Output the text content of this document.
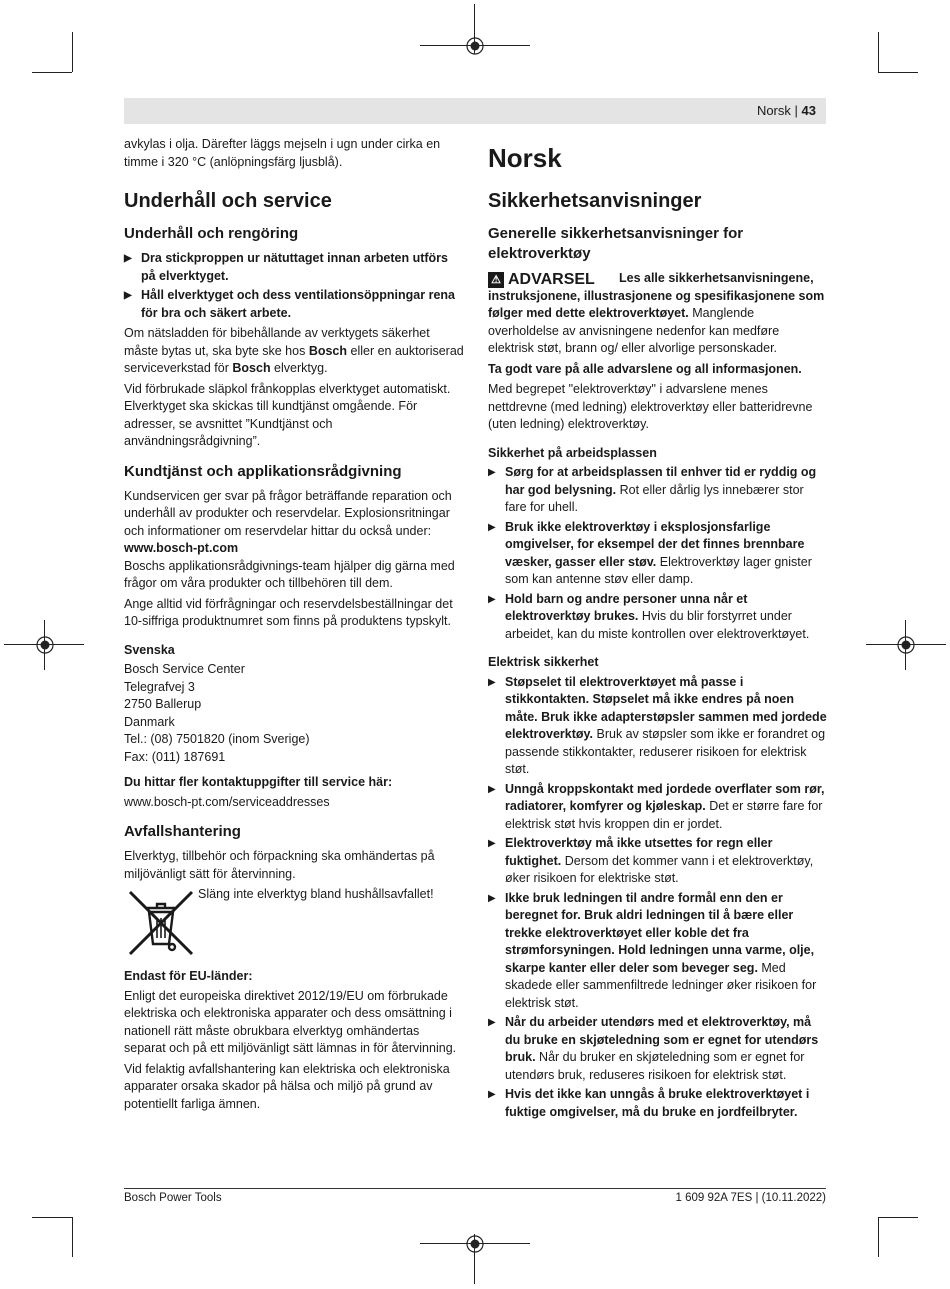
Norsk | 43

avkylas i olja. Därefter läggs mejseln i ugn under cirka en timme i 320 °C (anlöpningsfärg ljusblå).

Underhåll och service
Underhåll och rengöring
▶ Dra stickproppen ur nätuttaget innan arbeten utförs på elverktyget.
▶ Håll elverktyget och dess ventilationsöppningar rena för bra och säkert arbete.

Om nätsladden för bibehållande av verktygets säkerhet måste bytas ut, ska byte ske hos Bosch eller en auktoriserad serviceverkstad för Bosch elverktyg.

Vid förbrukade släpkol frånkopplas elverktyget automatiskt. Elverktyget ska skickas till kundtjänst omgående. För adresser, se avsnittet ”Kundtjänst och användningsrådgivning”.

Kundtjänst och applikationsrådgivning

Kundservicen ger svar på frågor beträffande reparation och underhåll av produkter och reservdelar. Explosionsritningar och informationer om reservdelar hittar du också under:
www.bosch-pt.com

Boschs applikationsrådgivnings-team hjälper dig gärna med frågor om våra produkter och tillbehören till dem.

Ange alltid vid förfrågningar och reservdelsbeställningar det 10-siffriga produktnumret som finns på produktens typskylt.

Svenska
Bosch Service Center
Telegrafvej 3
2750 Ballerup
Danmark
Tel.: (08) 7501820 (inom Sverige)
Fax: (011) 187691
Du hittar fler kontaktuppgifter till service här:

www.bosch-pt.com/serviceaddresses

Avfallshantering

Elverktyg, tillbehör och förpackning ska omhändertas på miljövänligt sätt för återvinning.

Släng inte elverktyg bland hushållsavfallet!

Endast för EU-länder:

Enligt det europeiska direktivet 2012/19/EU om förbrukade elektriska och elektroniska apparater och dess omsättning i nationell rätt måste obrukbara elverktyg omhändertas separat och på ett miljövänligt sätt lämnas in för återvinning.

Vid felaktig avfallshantering kan elektriska och elektroniska apparater orsaka skador på hälsa och miljö på grund av potentiellt farliga ämnen.

Norsk
Sikkerhetsanvisninger
Generelle sikkerhetsanvisninger for elektroverktøy
⚠ ADVARSEL	Les alle sikkerhetsanvisningene, instruksjonene, illustrasjonene og spesifikasjonene som følger med dette elektroverktøyet. Manglende overholdelse av anvisningene nedenfor kan medføre elektrisk støt, brann og/ eller alvorlige personskader.

Ta godt vare på alle advarslene og all informasjonen.

Med begrepet "elektroverktøy" i advarslene menes nettdrevne (med ledning) elektroverktøy eller batteridrevne (uten ledning) elektroverktøy.

Sikkerhet på arbeidsplassen
▶ Sørg for at arbeidsplassen til enhver tid er ryddig og har god belysning. Rot eller dårlig lys innebærer stor fare for uhell.
▶ Bruk ikke elektroverktøy i eksplosjonsfarlige omgivelser, for eksempel der det finnes brennbare væsker, gasser eller støv. Elektroverktøy lager gnister som kan antenne støv eller damp.
▶ Hold barn og andre personer unna når et elektroverktøy brukes. Hvis du blir forstyrret under arbeidet, kan du miste kontrollen over elektroverktøyet.
Elektrisk sikkerhet
▶ Støpselet til elektroverktøyet må passe i stikkontakten. Støpselet må ikke endres på noen måte. Bruk ikke adapterstøpsler sammen med jordede elektroverktøy. Bruk av støpsler som ikke er forandret og passende stikkontakter, reduserer risikoen for elektrisk støt.
▶ Unngå kroppskontakt med jordede overflater som rør, radiatorer, komfyrer og kjøleskap. Det er større fare for elektrisk støt hvis kroppen din er jordet.
▶ Elektroverktøy må ikke utsettes for regn eller fuktighet. Dersom det kommer vann i et elektroverktøy, øker risikoen for elektriske støt.
▶ Ikke bruk ledningen til andre formål enn den er beregnet for. Bruk aldri ledningen til å bære eller trekke elektroverktøyet eller koble det fra strømforsyningen. Hold ledningen unna varme, olje, skarpe kanter eller deler som beveger seg. Med skadede eller sammenfiltrede ledninger øker risikoen for elektrisk støt.
▶ Når du arbeider utendørs med et elektroverktøy, må du bruke en skjøteledning som er egnet for utendørs bruk. Når du bruker en skjøteledning som er egnet for utendørs bruk, reduseres risikoen for elektrisk støt.
▶ Hvis det ikke kan unngås å bruke elektroverktøyet i fuktige omgivelser, må du bruke en jordfeilbryter.
Bosch Power Tools	1 609 92A 7ES | (10.11.2022)
